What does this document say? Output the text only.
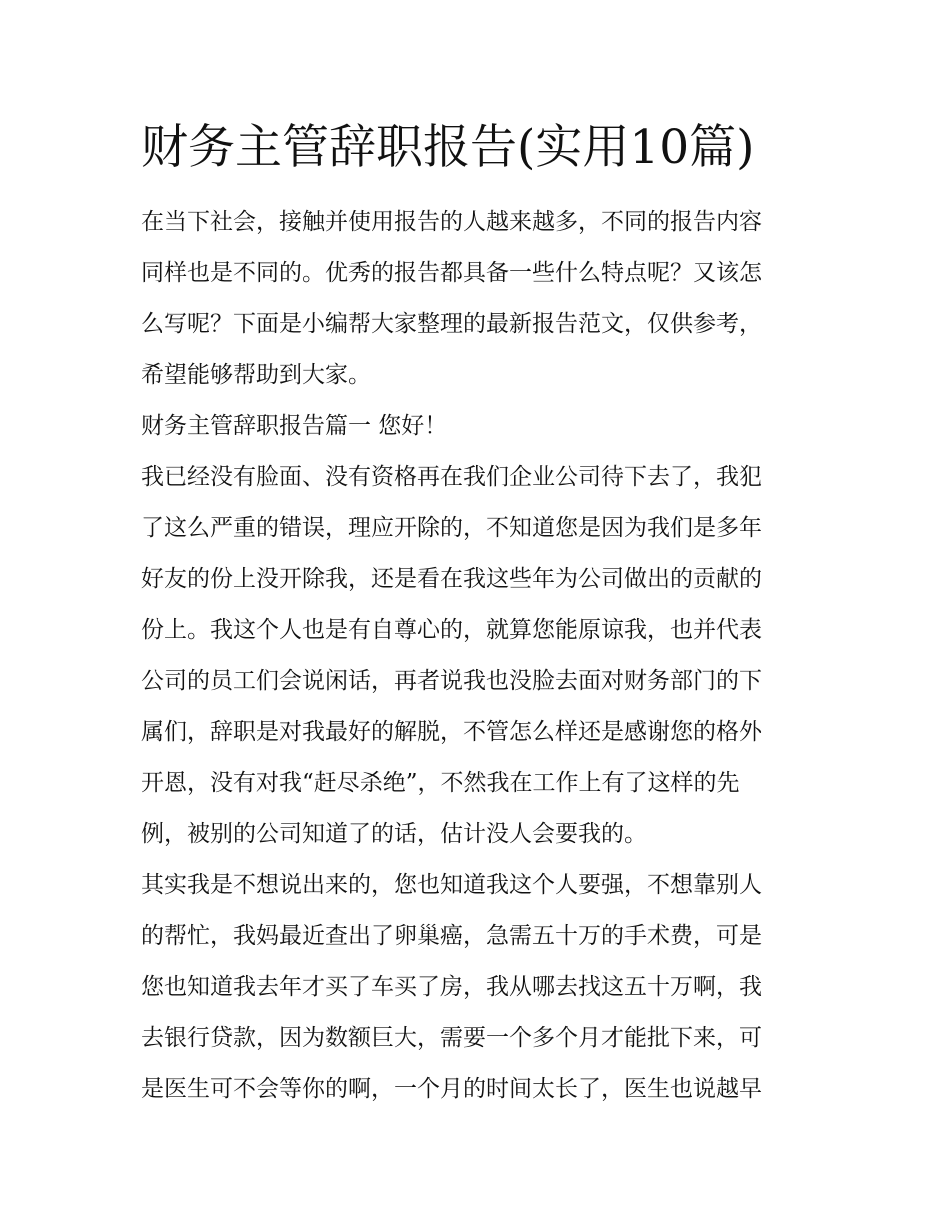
财务主管辞职报告(实用10篇)
在当下社会，接触并使用报告的人越来越多，不同的报告内容
同样也是不同的。优秀的报告都具备一些什么特点呢？又该怎
么写呢？下面是小编帮大家整理的最新报告范文，仅供参考，
希望能够帮助到大家。
财务主管辞职报告篇一 您好！
我已经没有脸面、没有资格再在我们企业公司待下去了，我犯
了这么严重的错误，理应开除的，不知道您是因为我们是多年
好友的份上没开除我，还是看在我这些年为公司做出的贡献的
份上。我这个人也是有自尊心的，就算您能原谅我，也并代表
公司的员工们会说闲话，再者说我也没脸去面对财务部门的下
属们，辞职是对我最好的解脱，不管怎么样还是感谢您的格外
开恩，没有对我“赶尽杀绝”，不然我在工作上有了这样的先
例，被别的公司知道了的话，估计没人会要我的。
其实我是不想说出来的，您也知道我这个人要强，不想靠别人
的帮忙，我妈最近查出了卵巢癌，急需五十万的手术费，可是
您也知道我去年才买了车买了房，我从哪去找这五十万啊，我
去银行贷款，因为数额巨大，需要一个多个月才能批下来，可
是医生可不会等你的啊，一个月的时间太长了，医生也说越早
